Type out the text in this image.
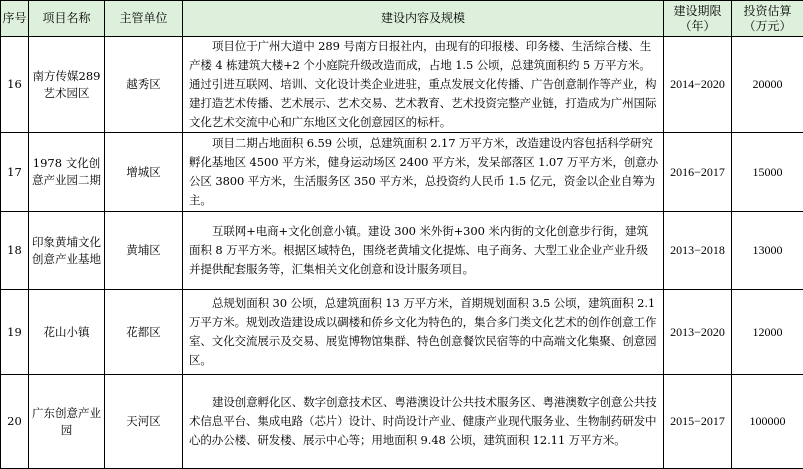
序号	项目名称	主管单位	建设内容及规模	建设期限（年）	投资估算（万元）
16	南方传媒289 艺术园区	越秀区	项目位于广州大道中 289 号南方日报社内，由现有的印报楼、印务楼、生活综合楼、生产楼 4 栋建筑大楼+2 个小庭院升级改造而成，占地 1.5 公顷，总建筑面积约 5 万平方米。通过引进互联网、培训、文化设计类企业进驻，重点发展文化传播、广告创意制作等产业，构建打造艺术传播、艺术展示、艺术交易、艺术教育、艺术投资完整产业链，打造成为广州国际文化艺术交流中心和广东地区文化创意园区的标杆。	2014−2020	20000
17	1978 文化创意产业园二期	增城区	项目二期占地面积 6.59 公顷，总建筑面积 2.17 万平方米，改造建设内容包括科学研究孵化基地区 4500 平方米，健身运动场区 2400 平方米，发呆部落区 1.07 万平方米，创意办公区 3800 平方米，生活服务区 350 平方米，总投资约人民币 1.5 亿元，资金以企业自筹为主。	2016−2017	15000
18	印象黄埔文化创意产业基地	黄埔区	互联网+电商+文化创意小镇。建设 300 米外街+300 米内街的文化创意步行街，建筑面积 8 万平方米。根据区域特色，围绕老黄埔文化提炼、电子商务、大型工业企业产业升级并提供配套服务等，汇集相关文化创意和设计服务项目。	2013−2018	13000
19	花山小镇	花都区	总规划面积 30 公顷，总建筑面积 13 万平方米，首期规划面积 3.5 公顷，建筑面积 2.1 万平方米。规划改造建设成以碉楼和侨乡文化为特色的，集合多门类文化艺术的创作创意工作室、文化交流展示及交易、展览博物馆集群、特色创意餐饮民宿等的中高端文化集聚、创意园区。	2013−2020	12000
20	广东创意产业园	天河区	建设创意孵化区、数字创意技术区、粤港澳设计公共技术服务区、粤港澳数字创意公共技术信息平台、集成电路（芯片）设计、时尚设计产业、健康产业现代服务业、生物制药研发中心的办公楼、研发楼、展示中心等；用地面积 9.48 公顷，建筑面积 12.11 万平方米。	2015−2017	100000
